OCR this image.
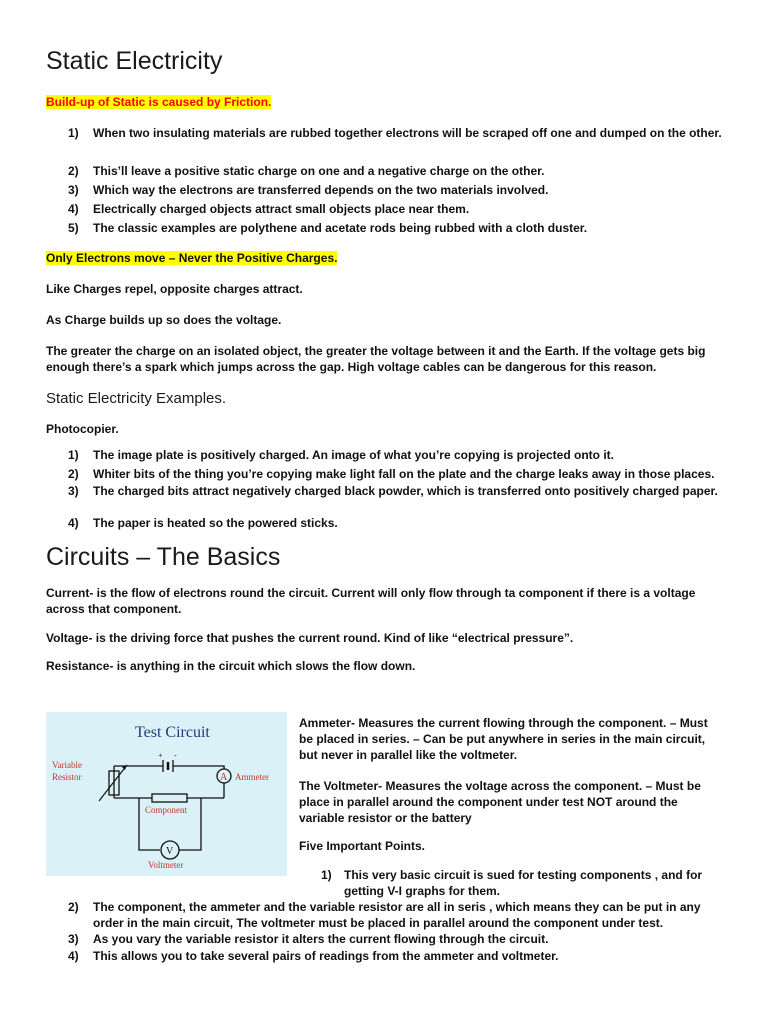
Static Electricity

Build-up of Static is caused by Friction.

1) When two insulating materials are rubbed together electrons will be scraped off one and dumped on the other.
2) This’ll leave a positive static charge on one and a negative charge on the other.
3) Which way the electrons are transferred depends on the two materials involved.
4) Electrically charged objects attract small objects place near them.
5) The classic examples are polythene and acetate rods being rubbed with a cloth duster.

Only Electrons move – Never the Positive Charges.

Like Charges repel, opposite charges attract.

As Charge builds up so does the voltage.

The greater the charge on an isolated object, the greater the voltage between it and the Earth. If the voltage gets big enough there’s a spark which jumps across the gap. High voltage cables can be dangerous for this reason.

Static Electricity Examples.

Photocopier.

1) The image plate is positively charged. An image of what you’re copying is projected onto it.
2) Whiter bits of the thing you’re copying make light fall on the plate and the charge leaks away in those places.
3) The charged bits attract negatively charged black powder, which is transferred onto positively charged paper.
4) The paper is heated so the powered sticks.
Circuits – The Basics

Current- is the flow of electrons round the circuit. Current will only flow through ta component if there is a voltage across that component.

Voltage- is the driving force that pushes the current round. Kind of like “electrical pressure”.

Resistance- is anything in the circuit which slows the flow down.

Test Circuit
+ -
Variable
Resistor	A Ammeter
Component
V
Voltmeter
Ammeter- Measures the current flowing through the component. – Must be placed in series. – Can be put anywhere in series in the main circuit, but never in parallel like the voltmeter.
The Voltmeter- Measures the voltage across the component. – Must be place in parallel around the component under test NOT around the variable resistor or the battery
Five Important Points.
1) This very basic circuit is sued for testing components , and for getting V-I graphs for them.
2) The component, the ammeter and the variable resistor are all in seris , which means they can be put in any order in the main circuit, The voltmeter must be placed in parallel around the component under test.
3) As you vary the variable resistor it alters the current flowing through the circuit.
4) This allows you to take several pairs of readings from the ammeter and voltmeter.
